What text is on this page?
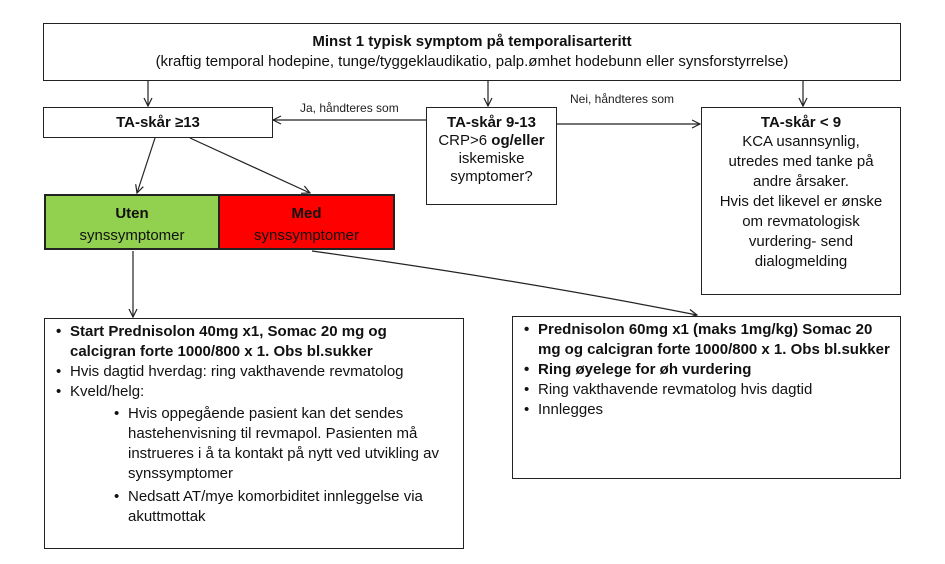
Minst 1 typisk symptom på temporalisarteritt
(kraftig temporal hodepine, tunge/tyggeklaudikatio, palp.ømhet hodebunn eller synsforstyrrelse)
TA-skår ≥13	TA-skår 9-13
CRP>6 og/eller
iskemiske
symptomer?
TA-skår < 9
KCA usannsynlig,
utredes med tanke på
andre årsaker.
Hvis det likevel er ønske
om revmatologisk
vurdering- send
dialogmelding
Ja, håndteres som
Nei, håndteres som
Uten
synssymptomer
Med
synssymptomer
• Start Prednisolon 40mg x1, Somac 20 mg og calcigran forte 1000/800 x 1. Obs bl.sukker
• Hvis dagtid hverdag: ring vakthavende revmatolog
• Kveld/helg:
• Hvis oppegående pasient kan det sendes hastehenvisning til revmapol. Pasienten må instrueres i å ta kontakt på nytt ved utvikling av synssymptomer
• Nedsatt AT/mye komorbiditet innleggelse via akuttmottak
• Prednisolon 60mg x1 (maks 1mg/kg) Somac 20 mg og calcigran forte 1000/800 x 1. Obs bl.sukker
• Ring øyelege for øh vurdering
• Ring vakthavende revmatolog hvis dagtid
• Innlegges
